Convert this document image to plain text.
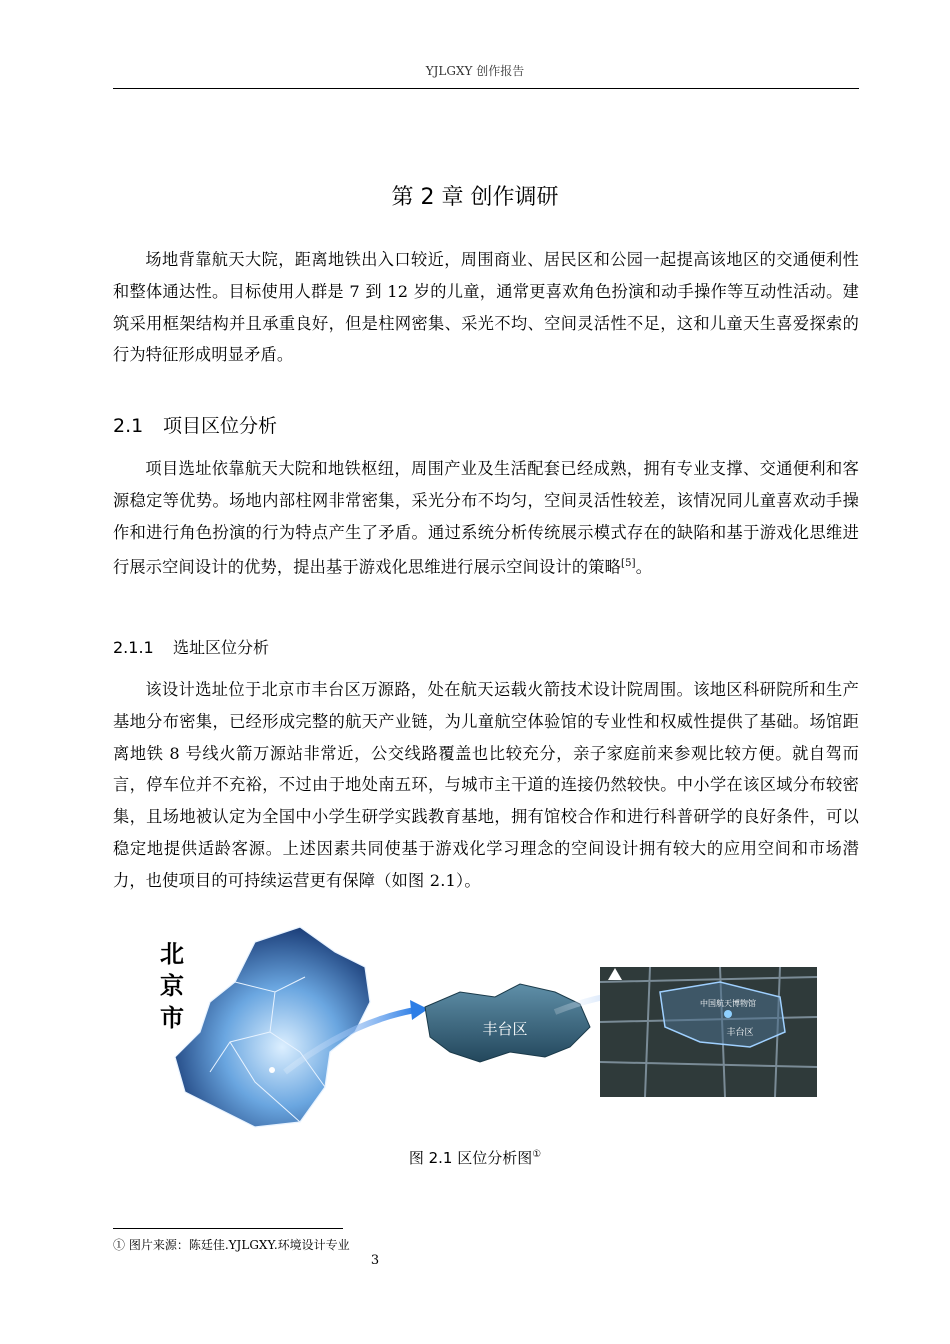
YJLGXY 创作报告
第 2 章 创作调研
场地背靠航天大院，距离地铁出入口较近，周围商业、居民区和公园一起提高该地区的交通便利性和整体通达性。目标使用人群是 7 到 12 岁的儿童，通常更喜欢角色扮演和动手操作等互动性活动。建筑采用框架结构并且承重良好，但是柱网密集、采光不均、空间灵活性不足，这和儿童天生喜爱探索的行为特征形成明显矛盾。
2.1 项目区位分析
项目选址依靠航天大院和地铁枢纽，周围产业及生活配套已经成熟，拥有专业支撑、交通便利和客源稳定等优势。场地内部柱网非常密集，采光分布不均匀，空间灵活性较差，该情况同儿童喜欢动手操作和进行角色扮演的行为特点产生了矛盾。通过系统分析传统展示模式存在的缺陷和基于游戏化思维进行展示空间设计的优势，提出基于游戏化思维进行展示空间设计的策略[5]。
2.1.1 选址区位分析
该设计选址位于北京市丰台区万源路，处在航天运载火箭技术设计院周围。该地区科研院所和生产基地分布密集，已经形成完整的航天产业链，为儿童航空体验馆的专业性和权威性提供了基础。场馆距离地铁 8 号线火箭万源站非常近，公交线路覆盖也比较充分，亲子家庭前来参观比较方便。就自驾而言，停车位并不充裕，不过由于地处南五环，与城市主干道的连接仍然较快。中小学在该区域分布较密集，且场地被认定为全国中小学生研学实践教育基地，拥有馆校合作和进行科普研学的良好条件，可以稳定地提供适龄客源。上述因素共同使基于游戏化学习理念的空间设计拥有较大的应用空间和市场潜力，也使项目的可持续运营更有保障（如图 2.1）。
北
京
市	丰台区
中国航天博物馆
丰台区
图 2.1 区位分析图①
① 图片来源：陈廷佳.YJLGXY.环境设计专业
3
